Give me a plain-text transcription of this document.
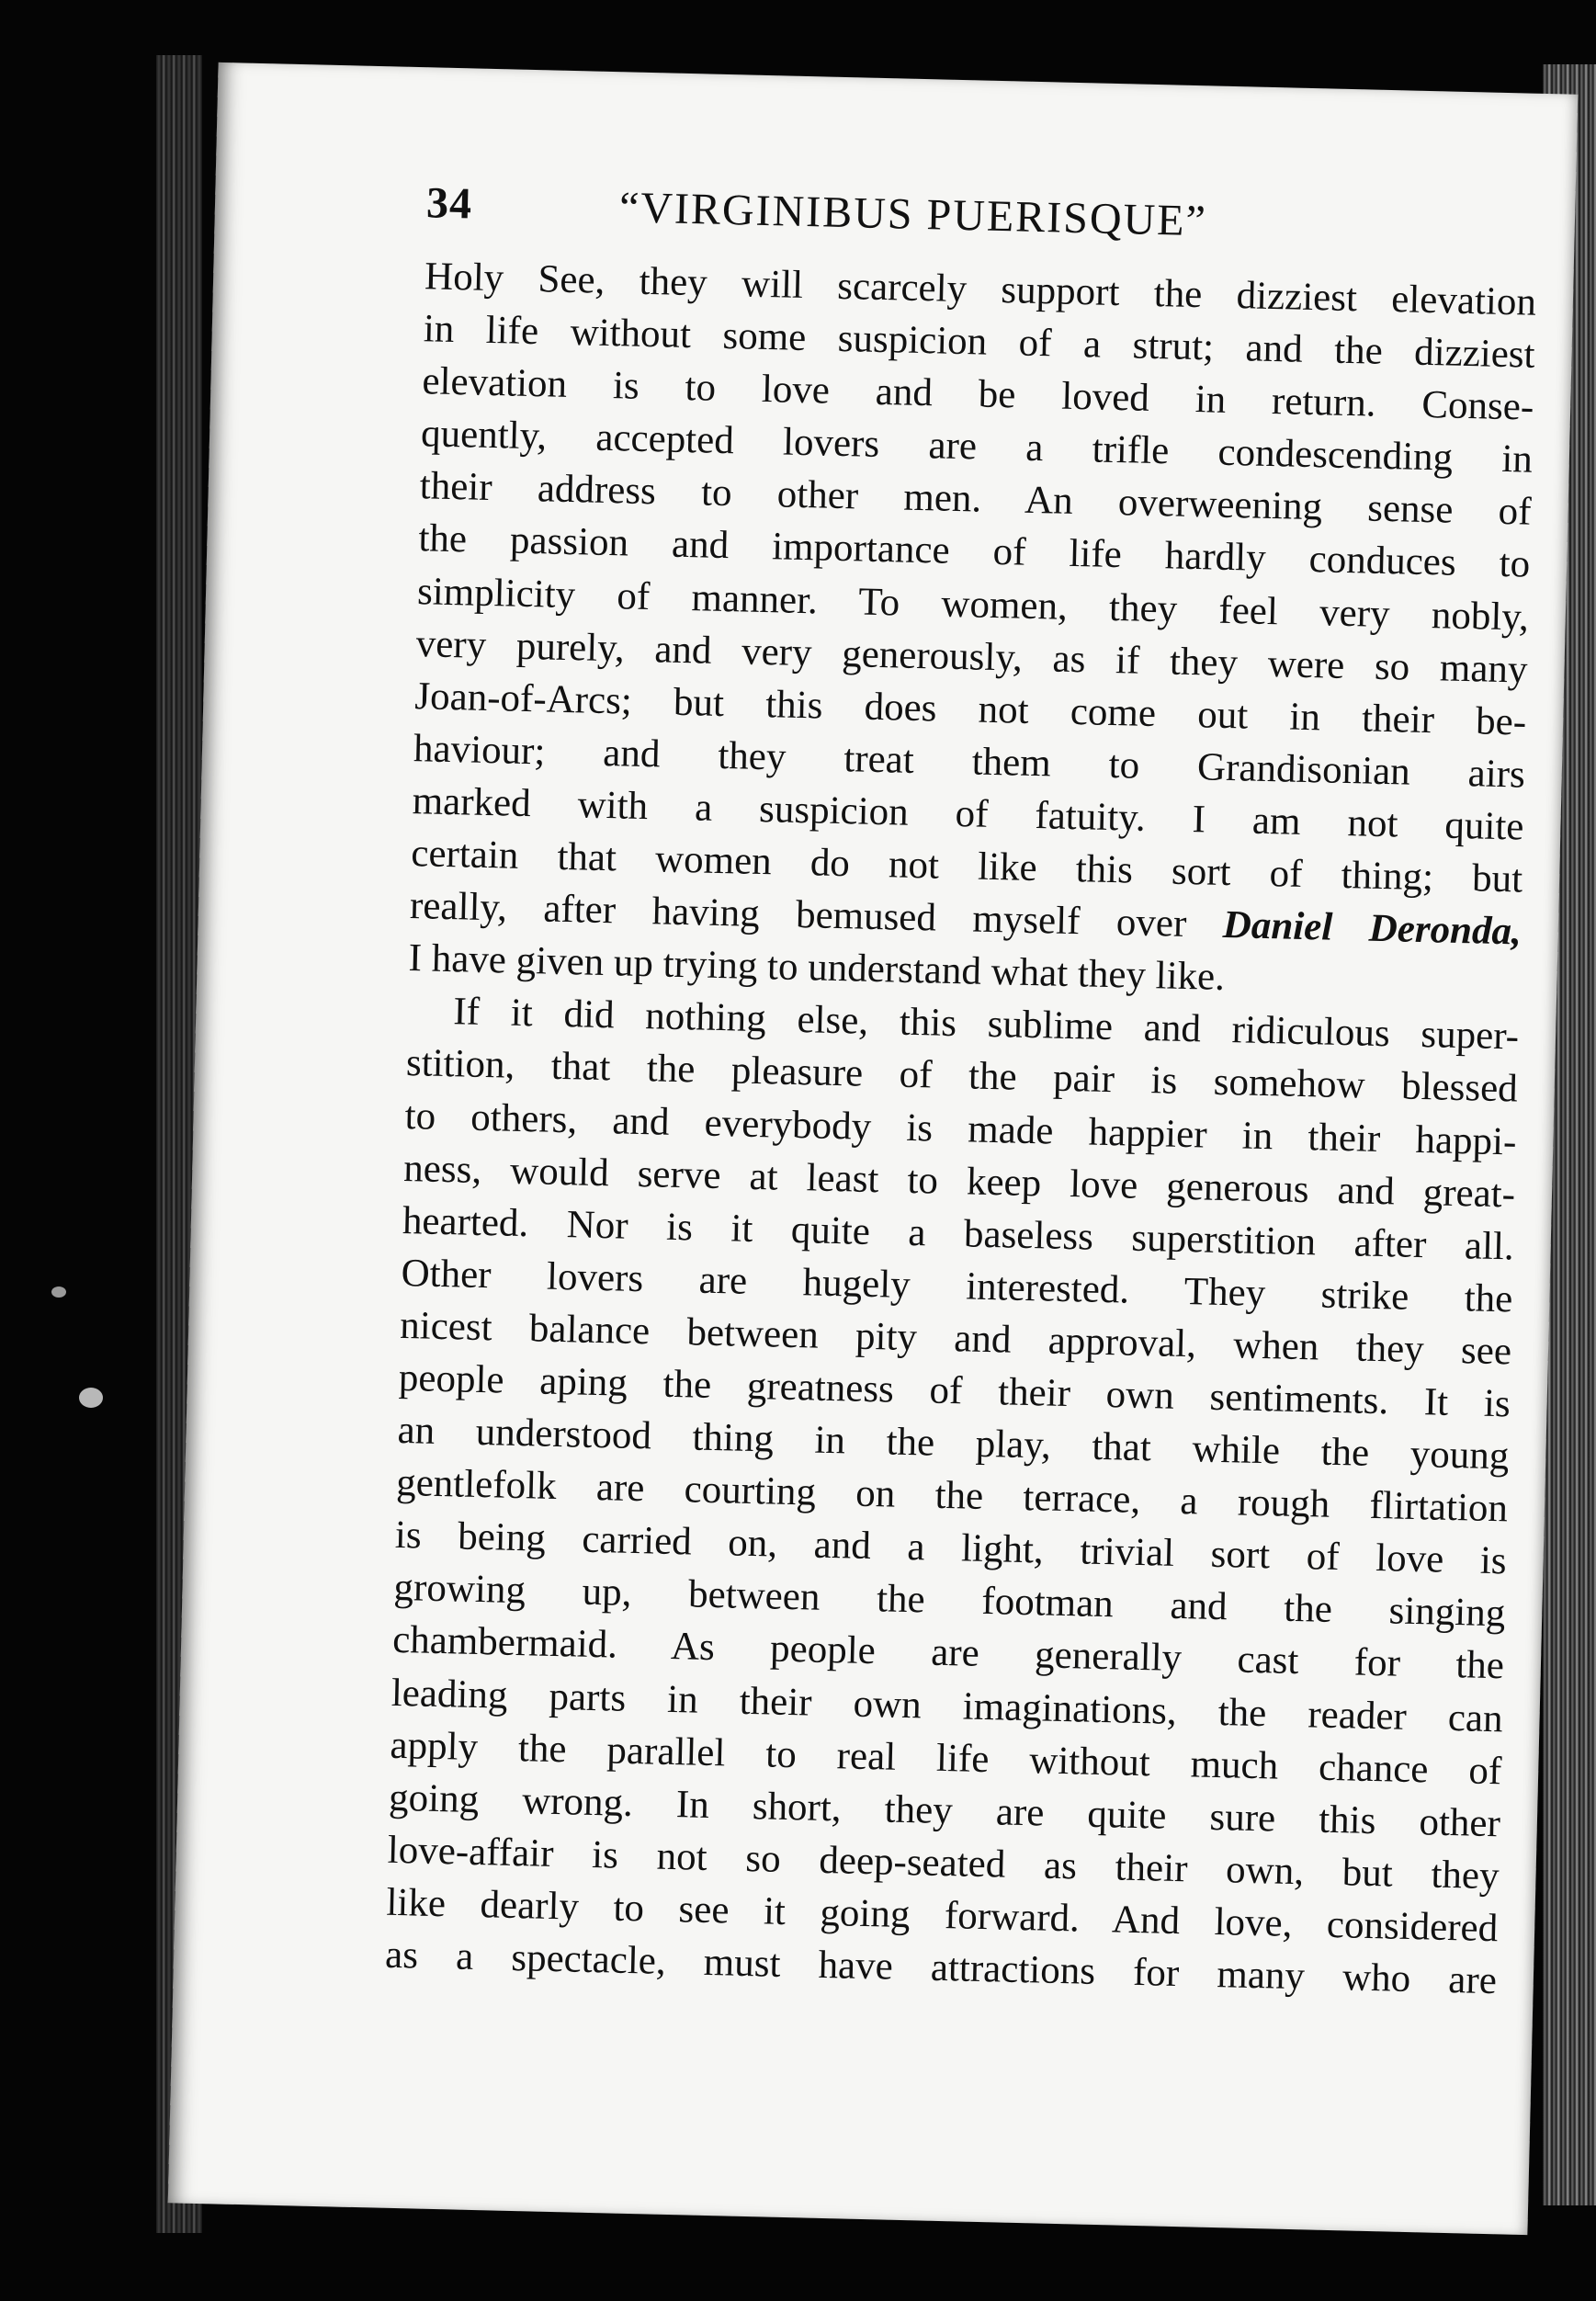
34	“VIRGINIBUS PUERISQUE”
Holy See, they will scarcely support the dizziest elevation
in life without some suspicion of a strut; and the dizziest
elevation is to love and be loved in return. Conse-
quently, accepted lovers are a trifle condescending in
their address to other men. An overweening sense of
the passion and importance of life hardly conduces to
simplicity of manner. To women, they feel very nobly,
very purely, and very generously, as if they were so many
Joan-of-Arcs; but this does not come out in their be-
haviour; and they treat them to Grandisonian airs
marked with a suspicion of fatuity. I am not quite
certain that women do not like this sort of thing; but
really, after having bemused myself over Daniel Deronda,
I have given up trying to understand what they like.
If it did nothing else, this sublime and ridiculous super-
stition, that the pleasure of the pair is somehow blessed
to others, and everybody is made happier in their happi-
ness, would serve at least to keep love generous and great-
hearted. Nor is it quite a baseless superstition after all.
Other lovers are hugely interested. They strike the
nicest balance between pity and approval, when they see
people aping the greatness of their own sentiments. It is
an understood thing in the play, that while the young
gentlefolk are courting on the terrace, a rough flirtation
is being carried on, and a light, trivial sort of love is
growing up, between the footman and the singing
chambermaid. As people are generally cast for the
leading parts in their own imaginations, the reader can
apply the parallel to real life without much chance of
going wrong. In short, they are quite sure this other
love-affair is not so deep-seated as their own, but they
like dearly to see it going forward. And love, considered
as a spectacle, must have attractions for many who are
